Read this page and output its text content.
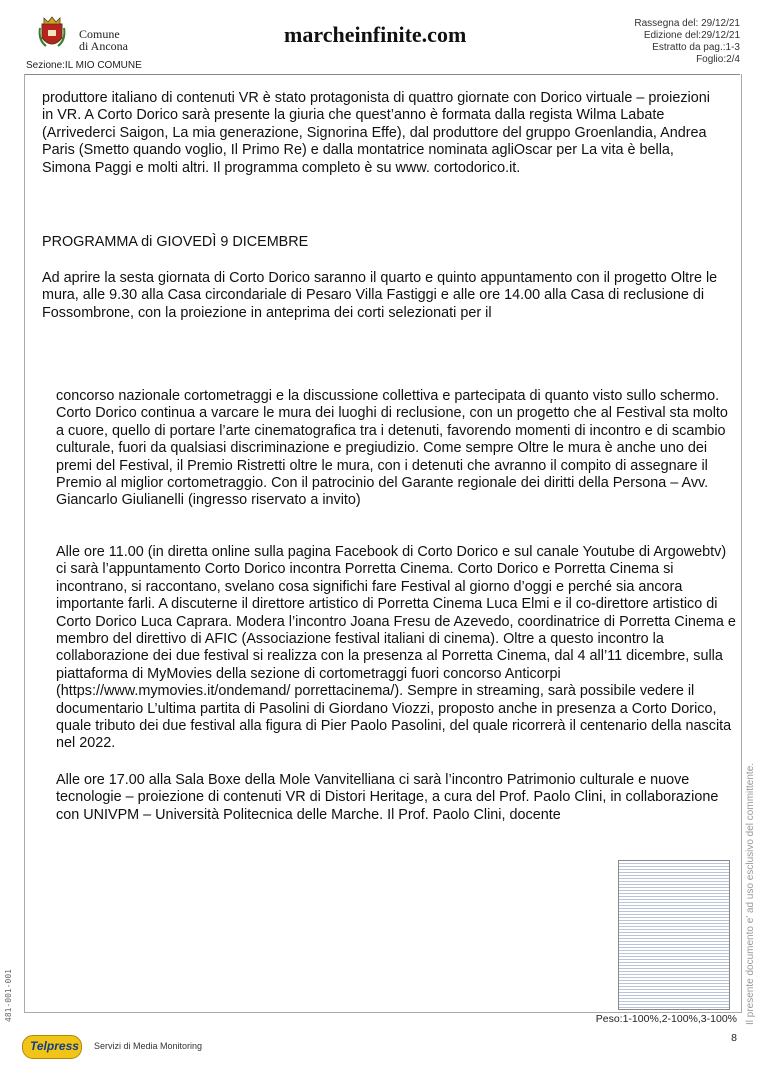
Comune
di Ancona	marcheinfinite.com	Rassegna del: 29/12/21
Edizione del:29/12/21
Estratto da pag.:1-3
Foglio:2/4
Sezione:IL MIO COMUNE

produttore italiano di contenuti VR è stato protagonista di quattro giornate con Dorico virtuale – proiezioni in VR. A Corto Dorico sarà presente la giuria che quest’anno è formata dalla regista Wilma Labate (Arrivederci Saigon, La mia generazione, Signorina Effe), dal produttore del gruppo Groenlandia, Andrea Paris (Smetto quando voglio, Il Primo Re) e dalla montatrice nominata agliOscar per La vita è bella, Simona Paggi e molti altri. Il programma completo è su www. cortodorico.it.

PROGRAMMA di GIOVEDÌ 9 DICEMBRE

Ad aprire la sesta giornata di Corto Dorico saranno il quarto e quinto appuntamento con il progetto Oltre le mura, alle 9.30 alla Casa circondariale di Pesaro Villa Fastiggi e alle ore 14.00 alla Casa di reclusione di Fossombrone, con la proiezione in anteprima dei corti selezionati per il

concorso nazionale cortometraggi e la discussione collettiva e partecipata di quanto visto sullo schermo. Corto Dorico continua a varcare le mura dei luoghi di reclusione, con un progetto che al Festival sta molto a cuore, quello di portare l’arte cinematografica tra i detenuti, favorendo momenti di incontro e di scambio culturale, fuori da qualsiasi discriminazione e pregiudizio. Come sempre Oltre le mura è anche uno dei premi del Festival, il Premio Ristretti oltre le mura, con i detenuti che avranno il compito di assegnare il Premio al miglior cortometraggio. Con il patrocinio del Garante regionale dei diritti della Persona – Avv. Giancarlo Giulianelli (ingresso riservato a invito)

Alle ore 11.00 (in diretta online sulla pagina Facebook di Corto Dorico e sul canale Youtube di Argowebtv) ci sarà l’appuntamento Corto Dorico incontra Porretta Cinema. Corto Dorico e Porretta Cinema si incontrano, si raccontano, svelano cosa significhi fare Festival al giorno d’oggi e perché sia ancora importante farli. A discuterne il direttore artistico di Porretta Cinema Luca Elmi e il co-direttore artistico di Corto Dorico Luca Caprara. Modera l’incontro Joana Fresu de Azevedo, coordinatrice di Porretta Cinema e membro del direttivo di AFIC (Associazione festival italiani di cinema). Oltre a questo incontro la collaborazione dei due festival si realizza con la presenza al Porretta Cinema, dal 4 all’11 dicembre, sulla piattaforma di MyMovies della sezione di cortometraggi fuori concorso Anticorpi (https://www.mymovies.it/ondemand/ porrettacinema/). Sempre in streaming, sarà possibile vedere il documentario L’ultima partita di Pasolini di Giordano Viozzi, proposto anche in presenza a Corto Dorico, quale tributo dei due festival alla figura di Pier Paolo Pasolini, del quale ricorrerà il centenario della nascita nel 2022.

Alle ore 17.00 alla Sala Boxe della Mole Vanvitelliana ci sarà l’incontro Patrimonio culturale e nuove tecnologie – proiezione di contenuti VR di Distori Heritage, a cura del Prof. Paolo Clini, in collaborazione con UNIVPM – Università Politecnica delle Marche. Il Prof. Paolo Clini, docente

Peso:1-100%,2-100%,3-100%
8
Il presente documento e' ad uso esclusivo del committente.
481-001-001
Telpress Servizi di Media Monitoring
